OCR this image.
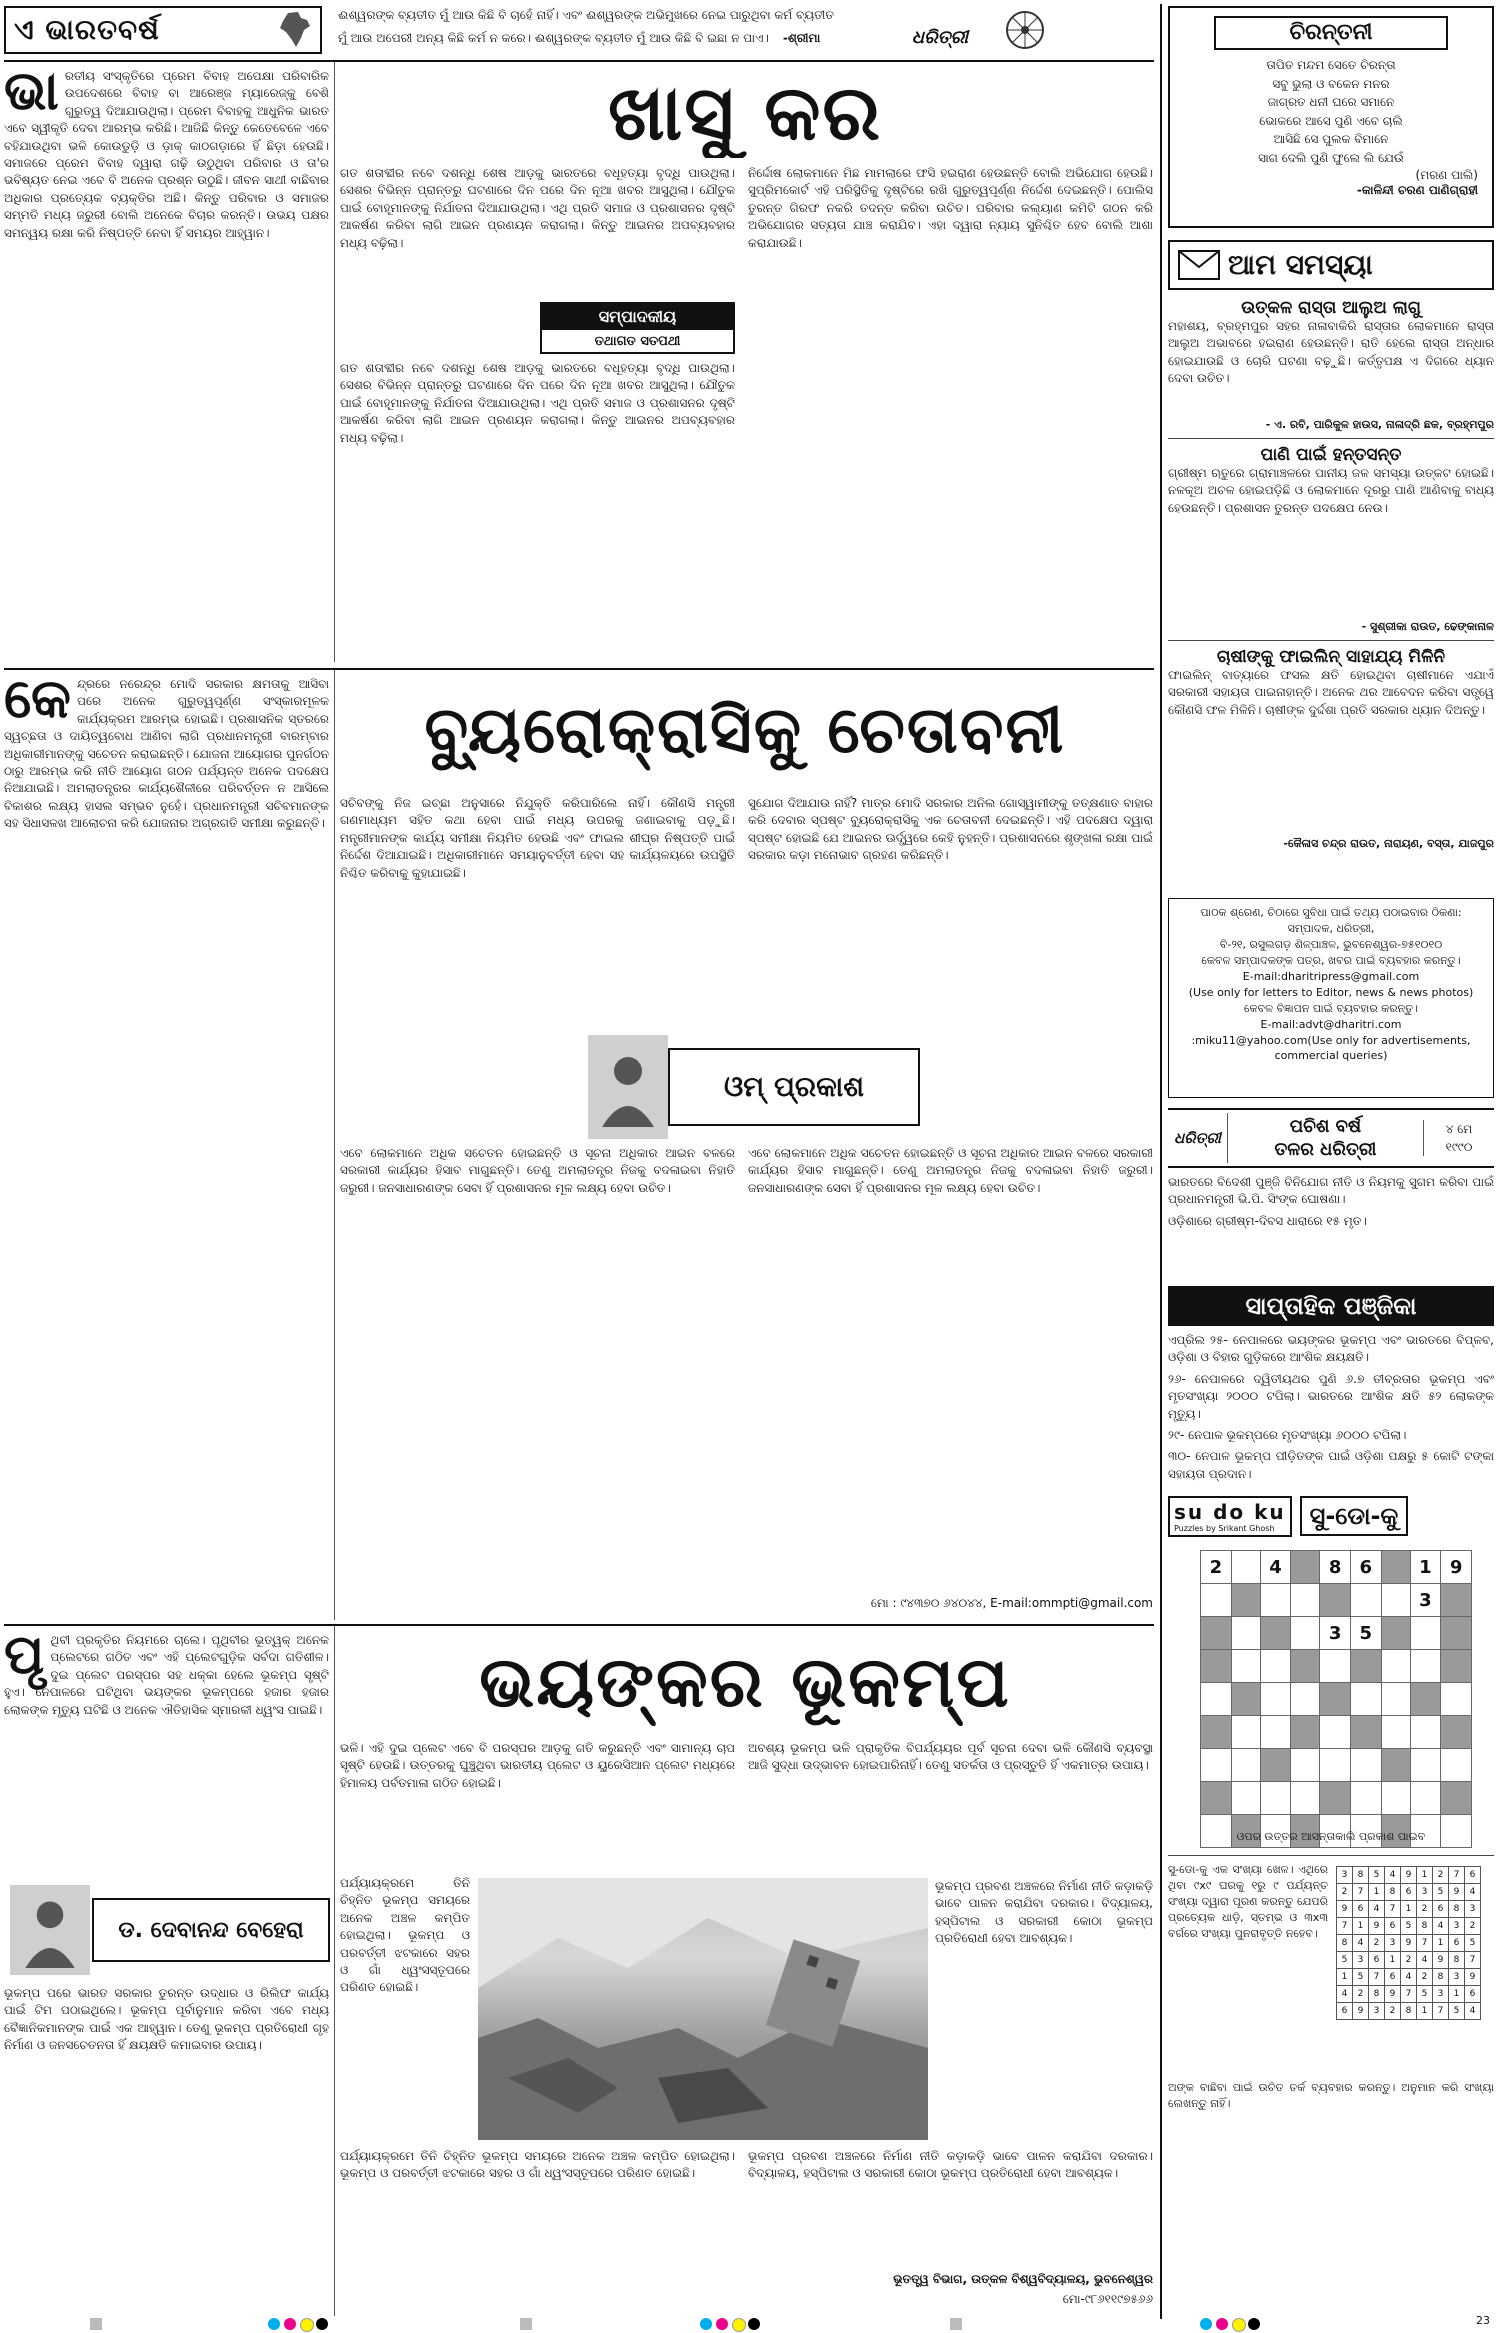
ଏ ଭାରତବର୍ଷ	ଈଶ୍ୱରଙ୍କ ବ୍ୟତୀତ ମୁଁ ଆଉ କିଛି ବି ଚାହେଁ ନାହିଁ। ଏବଂ ଈଶ୍ୱରଙ୍କ ଅଭିମୁଖରେ ନେଇ ପାରୁଥିବା କର୍ମ ବ୍ୟତୀତ
ମୁଁ ଆଉ ଅପେରୀ ଅନ୍ୟ କିଛି କର୍ମ ନ କରେ। ଈଶ୍ୱରଙ୍କ ବ୍ୟତୀତ ମୁଁ ଆଉ କିଛି ବି ଇଛା ନ ପାଏ। -ଶ୍ରୀମା	ଧରିତ୍ରୀ
ଭାରତୀୟ ସଂସ୍କୃତିରେ ପ୍ରେମ ବିବାହ ଅପେକ୍ଷା ପରିବାରିକ ଉପଦେଶରେ ବିବାହ ବା ଆରେଞ୍ଜ ମ୍ୟାରେଜ୍କୁ ବେଶି ଗୁରୁତ୍ୱ ଦିଆଯାଉଥିଲା। ପ୍ରେମ ବିବାହକୁ ଆଧୁନିକ ଭାରତ ଏବେ ସ୍ୱୀକୃତି ଦେବା ଆରମ୍ଭ କରିଛି। ଆଜିଛି କିନ୍ତୁ କେତେବେଳେ ଏବେ ବହିଯାଉଥିବା ଭଳି କୋଉଡୁଡ଼ି ଓ ଡ଼ାକ୍ କାଠଗଡ଼ାରେ ହିଁ ଛିଡ଼ା ହେଉଛି। ସମାଜରେ ପ୍ରେମ ବିବାହ ଦ୍ୱାରା ଗଢ଼ି ଉଠୁଥିବା ପରିବାର ଓ ତା'ର ଭବିଷ୍ୟତ ନେଇ ଏବେ ବି ଅନେକ ପ୍ରଶ୍ନ ଉଠୁଛି। ଜୀବନ ସାଥୀ ବାଛିବାର ଅଧିକାର ପ୍ରତ୍ୟେକ ବ୍ୟକ୍ତିର ଅଛି। କିନ୍ତୁ ପରିବାର ଓ ସମାଜର ସମ୍ମତି ମଧ୍ୟ ଜରୁରୀ ବୋଲି ଅନେକେ ବିଚାର କରନ୍ତି। ଉଭୟ ପକ୍ଷର ସମନ୍ୱୟ ରକ୍ଷା କରି ନିଷ୍ପତ୍ତି ନେବା ହିଁ ସମୟର ଆହ୍ୱାନ।
ଖାସୁ କର
ଗତ ଶତାବ୍ଦୀର ନବେ ଦଶନ୍ଧି ଶେଷ ଆଡ଼କୁ ଭାରତରେ ବଧୂହତ୍ୟା ବୃଦ୍ଧି ପାଉଥିଲା। ସେଶର ବିଭିନ୍ନ ପ୍ରାନ୍ତରୁ ଘଟଣାରେ ଦିନ ପରେ ଦିନ ନୂଆ ଖବର ଆସୁଥିଲା। ଯୌତୁକ ପାଇଁ ବୋହୂମାନଙ୍କୁ ନିର୍ଯାତନା ଦିଆଯାଉଥିଲା। ଏଥି ପ୍ରତି ସମାଜ ଓ ପ୍ରଶାସନର ଦୃଷ୍ଟି ଆକର୍ଷଣ କରିବା ଲାଗି ଆଇନ ପ୍ରଣୟନ କରାଗଲା। କିନ୍ତୁ ଆଇନର ଅପବ୍ୟବହାର ମଧ୍ୟ ବଢ଼ିଲା।
ସମ୍ପାଦକୀୟ
ତଥାଗତ ସତପଥୀ
ଗତ ଶତାବ୍ଦୀର ନବେ ଦଶନ୍ଧି ଶେଷ ଆଡ଼କୁ ଭାରତରେ ବଧୂହତ୍ୟା ବୃଦ୍ଧି ପାଉଥିଲା। ସେଶର ବିଭିନ୍ନ ପ୍ରାନ୍ତରୁ ଘଟଣାରେ ଦିନ ପରେ ଦିନ ନୂଆ ଖବର ଆସୁଥିଲା। ଯୌତୁକ ପାଇଁ ବୋହୂମାନଙ୍କୁ ନିର୍ଯାତନା ଦିଆଯାଉଥିଲା। ଏଥି ପ୍ରତି ସମାଜ ଓ ପ୍ରଶାସନର ଦୃଷ୍ଟି ଆକର୍ଷଣ କରିବା ଲାଗି ଆଇନ ପ୍ରଣୟନ କରାଗଲା। କିନ୍ତୁ ଆଇନର ଅପବ୍ୟବହାର ମଧ୍ୟ ବଢ଼ିଲା।
ନିର୍ଦ୍ଦୋଷ ଲୋକମାନେ ମିଛ ମାମଲାରେ ଫସି ହଇରାଣ ହେଉଛନ୍ତି ବୋଲି ଅଭିଯୋଗ ହେଉଛି। ସୁପ୍ରିମକୋର୍ଟ ଏହି ପରିସ୍ଥିତିକୁ ଦୃଷ୍ଟିରେ ରଖି ଗୁରୁତ୍ୱପୂର୍ଣ୍ଣ ନିର୍ଦ୍ଦେଶ ଦେଇଛନ୍ତି। ପୋଲିସ ତୁରନ୍ତ ଗିରଫ ନକରି ତଦନ୍ତ କରିବା ଉଚିତ। ପରିବାର କଲ୍ୟାଣ କମିଟି ଗଠନ କରି ଅଭିଯୋଗର ସତ୍ୟତା ଯାଞ୍ଚ କରାଯିବ। ଏହା ଦ୍ୱାରା ନ୍ୟାୟ ସୁନିଶ୍ଚିତ ହେବ ବୋଲି ଆଶା କରାଯାଉଛି।
କେନ୍ଦ୍ରରେ ନରେନ୍ଦ୍ର ମୋଦି ସରକାର କ୍ଷମତାକୁ ଆସିବା ପରେ ଅନେକ ଗୁରୁତ୍ୱପୂର୍ଣ୍ଣ ସଂସ୍କାରମୂଳକ କାର୍ଯ୍ୟକ୍ରମ ଆରମ୍ଭ ହୋଇଛି। ପ୍ରଶାସନିକ ସ୍ତରରେ ସ୍ୱଚ୍ଛତା ଓ ଦାୟିତ୍ୱବୋଧ ଆଣିବା ଲାଗି ପ୍ରଧାନମନ୍ତ୍ରୀ ବାରମ୍ବାର ଅଧିକାରୀମାନଙ୍କୁ ସଚେତନ କରାଇଛନ୍ତି। ଯୋଜନା ଆୟୋଗର ପୁନର୍ଗଠନ ଠାରୁ ଆରମ୍ଭ କରି ନୀତି ଆୟୋଗ ଗଠନ ପର୍ଯ୍ୟନ୍ତ ଅନେକ ପଦକ୍ଷେପ ନିଆଯାଇଛି। ଅମଲାତନ୍ତ୍ରର କାର୍ଯ୍ୟଶୈଳୀରେ ପରିବର୍ତ୍ତନ ନ ଆସିଲେ ବିକାଶର ଲକ୍ଷ୍ୟ ହାସଲ ସମ୍ଭବ ନୁହେଁ। ପ୍ରଧାନମନ୍ତ୍ରୀ ସଚିବମାନଙ୍କ ସହ ସିଧାସଳଖ ଆଲୋଚନା କରି ଯୋଜନାର ଅଗ୍ରଗତି ସମୀକ୍ଷା କରୁଛନ୍ତି।
ବ୍ୟୁରୋକ୍ରାସିକୁ ଚେତାବନୀ
ସଚିବଙ୍କୁ ନିଜ ଇଚ୍ଛା ଅନୁସାରେ ନିଯୁକ୍ତି କରିପାରିଲେ ନାହିଁ। କୌଣସି ମନ୍ତ୍ରୀ ଗଣମାଧ୍ୟମ ସହିତ କଥା ହେବା ପାଇଁ ମଧ୍ୟ ଉପରକୁ ଜଣାଇବାକୁ ପଡ଼ୁଛି। ମନ୍ତ୍ରୀମାନଙ୍କ କାର୍ଯ୍ୟ ସମୀକ୍ଷା ନିୟମିତ ହେଉଛି ଏବଂ ଫାଇଲ ଶୀଘ୍ର ନିଷ୍ପତ୍ତି ପାଇଁ ନିର୍ଦ୍ଦେଶ ଦିଆଯାଇଛି। ଅଧିକାରୀମାନେ ସମୟାନୁବର୍ତ୍ତୀ ହେବା ସହ କାର୍ଯ୍ୟଳୟରେ ଉପସ୍ଥିତି ନିଶ୍ଚିତ କରିବାକୁ କୁହାଯାଇଛି।
ସୁଯୋଗ ଦିଆଯାଉ ନାହିଁ? ମାତ୍ର ମୋଦି ସରକାର ଅନିଲ ଗୋସ୍ୱାମୀଙ୍କୁ ତତ୍କ୍ଷଣାତ ବାହାର କରି ଦେବାର ସ୍ପଷ୍ଟ ବ୍ୟୁରୋକ୍ରାସିକୁ ଏକ ଚେତାବନୀ ଦେଇଛନ୍ତି। ଏହି ପଦକ୍ଷେପ ଦ୍ୱାରା ସ୍ପଷ୍ଟ ହୋଇଛି ଯେ ଆଇନର ଊର୍ଦ୍ଧ୍ୱରେ କେହି ନୁହନ୍ତି। ପ୍ରଶାସନରେ ଶୃଙ୍ଖଳା ରକ୍ଷା ପାଇଁ ସରକାର କଡ଼ା ମନୋଭାବ ଗ୍ରହଣ କରିଛନ୍ତି।
ଓମ୍ ପ୍ରକାଶ
ଏବେ ଲୋକମାନେ ଅଧିକ ସଚେତନ ହୋଇଛନ୍ତି ଓ ସୂଚନା ଅଧିକାର ଆଇନ ବଳରେ ସରକାରୀ କାର୍ଯ୍ୟର ହିସାବ ମାଗୁଛନ୍ତି। ତେଣୁ ଅମଲାତନ୍ତ୍ର ନିଜକୁ ବଦଳାଇବା ନିହାତି ଜରୁରୀ। ଜନସାଧାରଣଙ୍କ ସେବା ହିଁ ପ୍ରଶାସନର ମୂଳ ଲକ୍ଷ୍ୟ ହେବା ଉଚିତ।
ଏବେ ଲୋକମାନେ ଅଧିକ ସଚେତନ ହୋଇଛନ୍ତି ଓ ସୂଚନା ଅଧିକାର ଆଇନ ବଳରେ ସରକାରୀ କାର୍ଯ୍ୟର ହିସାବ ମାଗୁଛନ୍ତି। ତେଣୁ ଅମଲାତନ୍ତ୍ର ନିଜକୁ ବଦଳାଇବା ନିହାତି ଜରୁରୀ। ଜନସାଧାରଣଙ୍କ ସେବା ହିଁ ପ୍ରଶାସନର ମୂଳ ଲକ୍ଷ୍ୟ ହେବା ଉଚିତ।
ମୋ : ୯୪୩୭୦ ୬୪୦୪୪, E-mail:ommpti@gmail.com
ପୃଥିବୀ ପ୍ରକୃତିର ନିୟମରେ ଚାଲେ। ପୃଥିବୀର ଭୂତ୍ୱକ୍ ଅନେକ ପ୍ଲେଟରେ ଗଠିତ ଏବଂ ଏହି ପ୍ଲେଟଗୁଡ଼ିକ ସର୍ବଦା ଗତିଶୀଳ। ଦୁଇ ପ୍ଲେଟ ପରସ୍ପର ସହ ଧକ୍କା ହେଲେ ଭୂକମ୍ପ ସୃଷ୍ଟି ହୁଏ। ନେପାଳରେ ଘଟିଥିବା ଭୟଙ୍କର ଭୂକମ୍ପରେ ହଜାର ହଜାର ଲୋକଙ୍କ ମୃତ୍ୟୁ ଘଟିଛି ଓ ଅନେକ ଐତିହାସିକ ସ୍ମାରକୀ ଧ୍ୱଂସ ପାଇଛି।
ଡ. ଦେବାନନ୍ଦ ବେହେରା
ଭୂକମ୍ପ ପରେ ଭାରତ ସରକାର ତୁରନ୍ତ ଉଦ୍ଧାର ଓ ରିଲିଫ କାର୍ଯ୍ୟ ପାଇଁ ଟିମ ପଠାଇଥିଲେ। ଭୂକମ୍ପ ପୂର୍ବାନୁମାନ କରିବା ଏବେ ମଧ୍ୟ ବୈଜ୍ଞାନିକମାନଙ୍କ ପାଇଁ ଏକ ଆହ୍ୱାନ। ତେଣୁ ଭୂକମ୍ପ ପ୍ରତିରୋଧୀ ଗୃହ ନିର୍ମାଣ ଓ ଜନସଚେତନତା ହିଁ କ୍ଷୟକ୍ଷତି କମାଇବାର ଉପାୟ।
ଭୟଙ୍କର ଭୂକମ୍ପ
ଭଳି। ଏହି ଦୁଇ ପ୍ଲେଟ ଏବେ ବି ପରସ୍ପର ଆଡ଼କୁ ଗତି କରୁଛନ୍ତି ଏବଂ ସାମାନ୍ୟ ଚାପ ସୃଷ୍ଟି ହେଉଛି। ଉତ୍ତରକୁ ଘୁଞ୍ଚୁଥିବା ଭାରତୀୟ ପ୍ଲେଟ ଓ ୟୁରେସିଆନ ପ୍ଲେଟ ମଧ୍ୟରେ ହିମାଳୟ ପର୍ବତମାଳା ଗଠିତ ହୋଇଛି।
ପର୍ଯ୍ୟାୟକ୍ରମେ ତିନି ଚିହ୍ନିତ ଭୂକମ୍ପ ସମୟରେ ଅନେକ ଅଞ୍ଚଳ କମ୍ପିତ ହୋଇଥିଲା। ଭୂକମ୍ପ ଓ ପରବର୍ତ୍ତୀ ଝଟକାରେ ସହର ଓ ଗାଁ ଧ୍ୱଂସସ୍ତୂପରେ ପରିଣତ ହୋଇଛି।
ଅବଶ୍ୟ ଭୂକମ୍ପ ଭଳି ପ୍ରାକୃତିକ ବିପର୍ଯ୍ୟୟର ପୂର୍ବ ସୂଚନା ଦେବା ଭଳି କୌଣସି ବ୍ୟବସ୍ଥା ଆଜି ସୁଦ୍ଧା ଉଦ୍ଭାବନ ହୋଇପାରିନାହିଁ। ତେଣୁ ସତର୍କତା ଓ ପ୍ରସ୍ତୁତି ହିଁ ଏକମାତ୍ର ଉପାୟ।
ଭୂକମ୍ପ ପ୍ରବଣ ଅଞ୍ଚଳରେ ନିର୍ମାଣ ନୀତି କଡ଼ାକଡ଼ି ଭାବେ ପାଳନ କରାଯିବା ଦରକାର। ବିଦ୍ୟାଳୟ, ହସ୍ପିଟାଲ ଓ ସରକାରୀ କୋଠା ଭୂକମ୍ପ ପ୍ରତିରୋଧୀ ହେବା ଆବଶ୍ୟକ।
ପର୍ଯ୍ୟାୟକ୍ରମେ ତିନି ଚିହ୍ନିତ ଭୂକମ୍ପ ସମୟରେ ଅନେକ ଅଞ୍ଚଳ କମ୍ପିତ ହୋଇଥିଲା। ଭୂକମ୍ପ ଓ ପରବର୍ତ୍ତୀ ଝଟକାରେ ସହର ଓ ଗାଁ ଧ୍ୱଂସସ୍ତୂପରେ ପରିଣତ ହୋଇଛି।
ଭୂକମ୍ପ ପ୍ରବଣ ଅଞ୍ଚଳରେ ନିର୍ମାଣ ନୀତି କଡ଼ାକଡ଼ି ଭାବେ ପାଳନ କରାଯିବା ଦରକାର। ବିଦ୍ୟାଳୟ, ହସ୍ପିଟାଲ ଓ ସରକାରୀ କୋଠା ଭୂକମ୍ପ ପ୍ରତିରୋଧୀ ହେବା ଆବଶ୍ୟକ।
ଭୂତତ୍ତ୍ୱ ବିଭାଗ, ଉତ୍କଳ ବିଶ୍ୱବିଦ୍ୟାଳୟ, ଭୁବନେଶ୍ୱର
ମୋ-୯୮୬୧୧୯୭୫୬୬
ଚିରନ୍ତନୀ
ତାପିତ ମନ୍ଦମ ସେତେ ଚିରନ୍ତା
ସବୁ ଭୁଲା ଓ ବକେନ ମନର
ଜାଗ୍ରତ ଧନୀ ଘରେ ସମାନେ
ଭୋକରେ ଆସେ ପୁଣି ଏବେ ଚାଲି
ଆସିଛି ସେ ପୁଲକ ବିମାନେ
ସାଗ ଦେଲି ପୁଣି ଫୁଲେ ଲି ଯେଉଁ
(ମରଣ ପାଲି)
-କାଳିନ୍ଦୀ ଚରଣ ପାଣିଗ୍ରାହୀ
ଆମ ସମସ୍ୟା
ଉତ୍କଳ ରାସ୍ତା ଆଲୁଅ ଲାଗୁ
ମହାଶୟ, ବ୍ରହ୍ମପୁର ସହର ନାଳାବାକିରି ରାସ୍ତାର ଲୋକମାନେ ରାସ୍ତା ଆଲୁଅ ଅଭାବରେ ହଇରାଣ ହେଉଛନ୍ତି। ରାତି ହେଲେ ରାସ୍ତା ଅନ୍ଧାର ହୋଇଯାଉଛି ଓ ଚୋରି ଘଟଣା ବଢ଼ୁଛି। କର୍ତ୍ତୃପକ୍ଷ ଏ ଦିଗରେ ଧ୍ୟାନ ଦେବା ଉଚିତ।
- ଏ. ରବି, ପାରିକୁଳ ହାଉସ, ନାଳାଦ୍ରି ଛକ, ବ୍ରହ୍ମପୁର
ପାଣି ପାଇଁ ହନ୍ତସନ୍ତ
ଗ୍ରୀଷ୍ମ ଋତୁରେ ଗ୍ରାମାଞ୍ଚଳରେ ପାନୀୟ ଜଳ ସମସ୍ୟା ଉତ୍କଟ ହୋଇଛି। ନଳକୂଅ ଅଚଳ ହୋଇପଡ଼ିଛି ଓ ଲୋକମାନେ ଦୂରରୁ ପାଣି ଆଣିବାକୁ ବାଧ୍ୟ ହେଉଛନ୍ତି। ପ୍ରଶାସନ ତୁରନ୍ତ ପଦକ୍ଷେପ ନେଉ।
- ସୁଶ୍ରୀକା ରାଉତ, ଢେଙ୍କାନାଳ
ଚାଷୀଙ୍କୁ ଫାଇଲିନ୍ ସାହାଯ୍ୟ ମିଳିନି
ଫାଇଲିନ୍ ବାତ୍ୟାରେ ଫସଲ କ୍ଷତି ହୋଇଥିବା ଚାଷୀମାନେ ଏଯାଏଁ ସରକାରୀ ସହାୟତା ପାଇନାହାନ୍ତି। ଅନେକ ଥର ଆବେଦନ କରିବା ସତ୍ତ୍ୱେ କୌଣସି ଫଳ ମିଳିନି। ଚାଷୀଙ୍କ ଦୁର୍ଦ୍ଦଶା ପ୍ରତି ସରକାର ଧ୍ୟାନ ଦିଅନ୍ତୁ।
-କୈଳାସ ଚନ୍ଦ୍ର ରାଉତ, ନାରାୟଣ, ବସ୍ତା, ଯାଜପୁର
ପାଠକ ଶ୍ରେଣ, ଚିଠାରେ ସୁବିଧା ପାଇଁ ତଥ୍ୟ ପଠାଇବାର ଠିକଣା:
ସମ୍ପାଦକ, ଧରିତ୍ରୀ,
ବି-୨୧, ରସୁଲଗଡ଼ ଶିଳ୍ପାଞ୍ଚଳ, ଭୁବନେଶ୍ୱର-୭୫୧୦୧୦
କେବଳ ସମ୍ପାଦକଙ୍କ ପତ୍ର, ଖବର ପାଇଁ ବ୍ୟବହାର କରନ୍ତୁ।
E-mail:dharitripress@gmail.com
(Use only for letters to Editor, news & news photos)
କେବଳ ବିଜ୍ଞାପନ ପାଇଁ ବ୍ୟବହାର କରନ୍ତୁ।
E-mail:advt@dharitri.com
:miku11@yahoo.com(Use only for advertisements, commercial queries)
ଧରିତ୍ରୀ
ପଚିଶ ବର୍ଷ
ତଳର ଧରିତ୍ରୀ
୪ ମେ
୧୯୯୦

ଭାରତରେ ବିଦେଶୀ ପୁଞ୍ଜି ବିନିଯୋଗ ନୀତି ଓ ନିୟମକୁ ସୁଗମ କରିବା ପାଇଁ ପ୍ରଧାନମନ୍ତ୍ରୀ ଭି.ପି. ସିଂଙ୍କ ଘୋଷଣା।

ଓଡ଼ିଶାରେ ଗ୍ରୀଷ୍ମ-ଦିବସ ଧାରାରେ ୧୫ ମୃତ।

ସାପ୍ତାହିକ ପଞ୍ଜିକା

ଏପ୍ରିଲ ୨୫- ନେପାଳରେ ଭୟଙ୍କର ଭୂକମ୍ପ ଏବଂ ଭାରତରେ ବିପ୍ଳବ, ଓଡ଼ିଶା ଓ ବିହାର ଗୁଡ଼ିକରେ ଆଂଶିକ କ୍ଷୟକ୍ଷତି।

୨୬- ନେପାଳରେ ଦ୍ୱିତୀୟଥର ପୁଣି ୬.୭ ତୀବ୍ରତାର ଭୂକମ୍ପ ଏବଂ ମୃତସଂଖ୍ୟା ୨୦୦୦ ଟପିଲା। ଭାରତରେ ଆଂଶିକ କ୍ଷତି ୫୨ ଲୋକଙ୍କ ମୃତ୍ୟୁ।

୨୯- ନେପାଳ ଭୂକମ୍ପରେ ମୃତସଂଖ୍ୟା ୬୦୦୦ ଟପିଲା।

୩୦- ନେପାଳ ଭୂକମ୍ପ ପୀଡ଼ିତଙ୍କ ପାଇଁ ଓଡ଼ିଶା ପକ୍ଷରୁ ୫ କୋଟି ଟଙ୍କା ସହାୟତା ପ୍ରଦାନ।

su do ku
Puzzles by Srikant Ghosh	ସୁ-ଡୋ-କୁ
2		4		8	6		1	9
							3	
				3	5			

ଓପର ଉତ୍ତର ଆସନ୍ତାକାଲି ପ୍ରକାଶ ପାଇବ
ସୁ-ଡୋ-କୁ ଏକ ସଂଖ୍ୟା ଖେଳ। ଏଥିରେ ଥିବା ୯x୯ ଘରକୁ ୧ରୁ ୯ ପର୍ଯ୍ୟନ୍ତ ସଂଖ୍ୟା ଦ୍ୱାରା ପୂରଣ କରନ୍ତୁ ଯେପରି ପ୍ରତ୍ୟେକ ଧାଡ଼ି, ସ୍ତମ୍ଭ ଓ ୩x୩ ବର୍ଗରେ ସଂଖ୍ୟା ପୁନରାବୃତ୍ତି ନହେବ।
3	8	5	4	9	1	2	7	6
2	7	1	8	6	3	5	9	4
9	6	4	7	1	2	6	8	3
7	1	9	6	5	8	4	3	2
8	4	2	3	9	7	1	6	5
5	3	6	1	2	4	9	8	7
1	5	7	6	4	2	8	3	9
4	2	8	9	7	5	3	1	6
6	9	3	2	8	1	7	5	4
ଅଙ୍କ ବାଛିବା ପାଇଁ ଉଚିତ ତର୍କ ବ୍ୟବହାର କରନ୍ତୁ। ଅନୁମାନ କରି ସଂଖ୍ୟା ଲେଖନ୍ତୁ ନାହିଁ।
23
